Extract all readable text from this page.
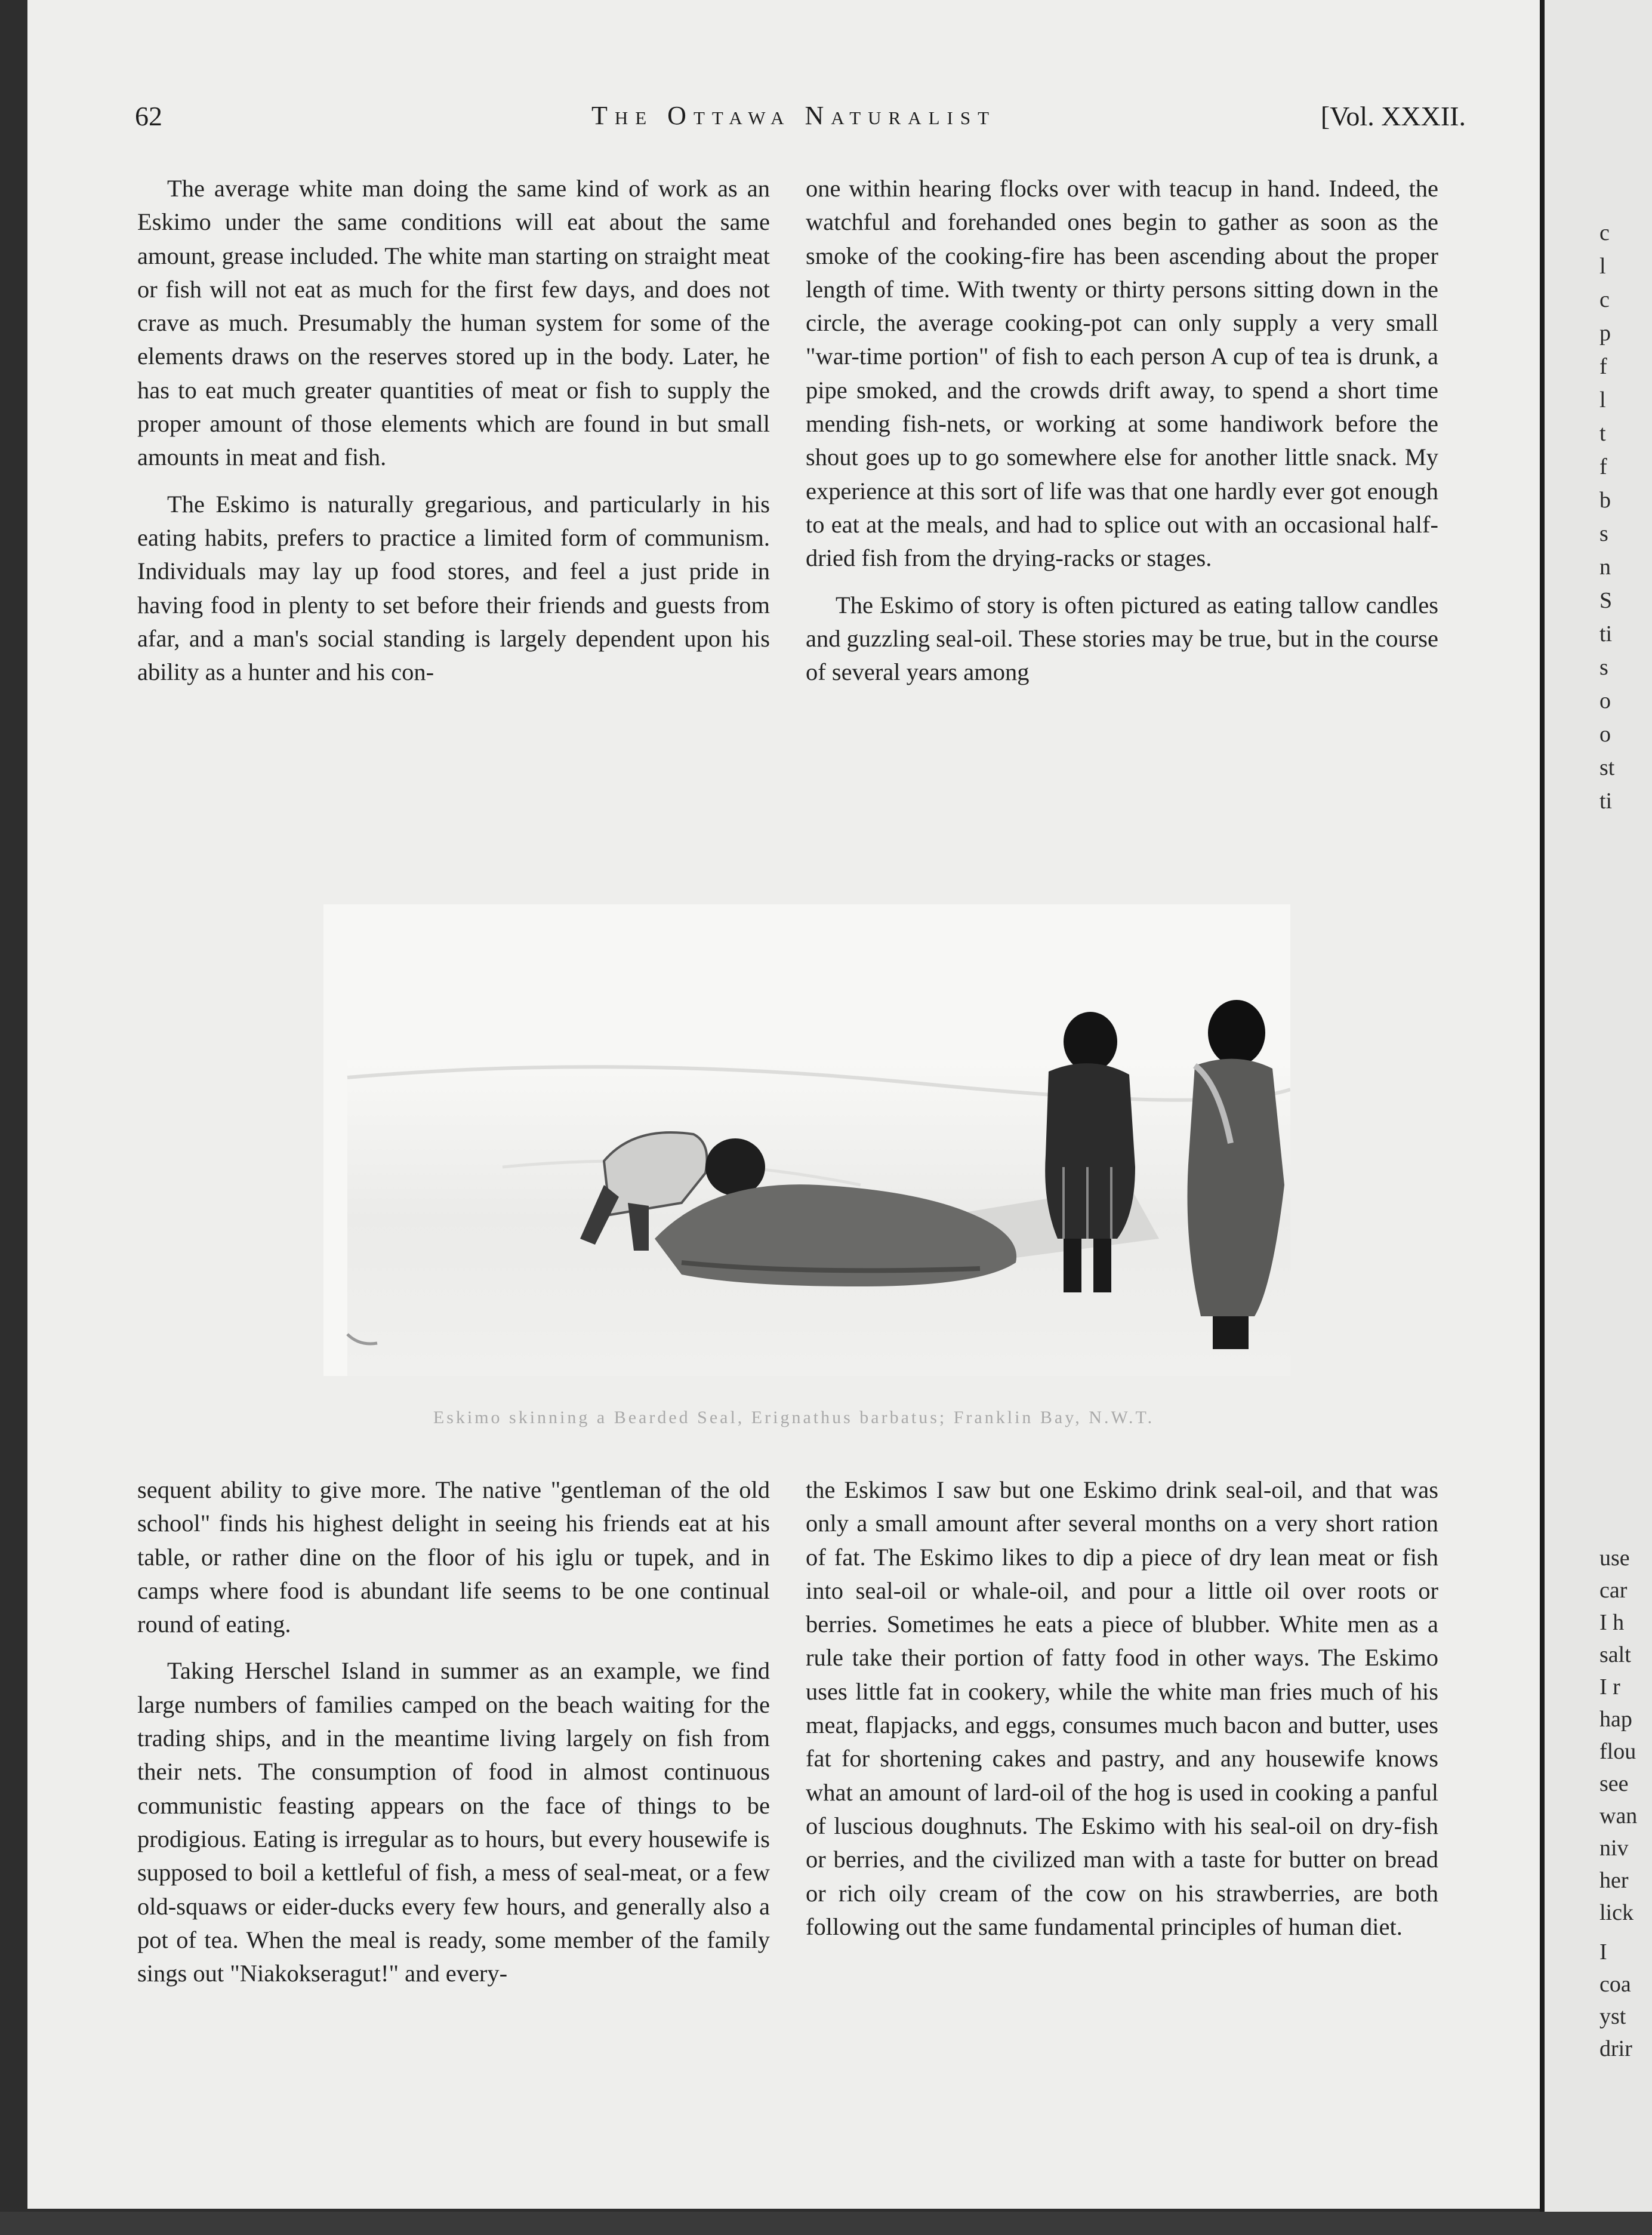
62	The Ottawa Naturalist	[Vol. XXXII.

The average white man doing the same kind of work as an Eskimo under the same conditions will eat about the same amount, grease included. The white man starting on straight meat or fish will not eat as much for the first few days, and does not crave as much. Presumably the human system for some of the elements draws on the reserves stored up in the body. Later, he has to eat much greater quantities of meat or fish to supply the proper amount of those elements which are found in but small amounts in meat and fish.

The Eskimo is naturally gregarious, and particularly in his eating habits, prefers to practice a limited form of communism. Individuals may lay up food stores, and feel a just pride in having food in plenty to set before their friends and guests from afar, and a man's social standing is largely dependent upon his ability as a hunter and his con-

one within hearing flocks over with teacup in hand. Indeed, the watchful and forehanded ones begin to gather as soon as the smoke of the cooking-fire has been ascending about the proper length of time. With twenty or thirty persons sitting down in the circle, the average cooking-pot can only supply a very small "war-time portion" of fish to each person A cup of tea is drunk, a pipe smoked, and the crowds drift away, to spend a short time mending fish-nets, or working at some handiwork before the shout goes up to go somewhere else for another little snack. My experience at this sort of life was that one hardly ever got enough to eat at the meals, and had to splice out with an occasional half-dried fish from the drying-racks or stages.

The Eskimo of story is often pictured as eating tallow candles and guzzling seal-oil. These stories may be true, but in the course of several years among

Eskimo skinning a Bearded Seal, Erignathus barbatus; Franklin Bay, N.W.T.

sequent ability to give more. The native "gentleman of the old school" finds his highest delight in seeing his friends eat at his table, or rather dine on the floor of his iglu or tupek, and in camps where food is abundant life seems to be one continual round of eating.

Taking Herschel Island in summer as an example, we find large numbers of families camped on the beach waiting for the trading ships, and in the meantime living largely on fish from their nets. The consumption of food in almost continuous communistic feasting appears on the face of things to be prodigious. Eating is irregular as to hours, but every housewife is supposed to boil a kettleful of fish, a mess of seal-meat, or a few old-squaws or eider-ducks every few hours, and generally also a pot of tea. When the meal is ready, some member of the family sings out "Niakokseragut!" and every-

the Eskimos I saw but one Eskimo drink seal-oil, and that was only a small amount after several months on a very short ration of fat. The Eskimo likes to dip a piece of dry lean meat or fish into seal-oil or whale-oil, and pour a little oil over roots or berries. Sometimes he eats a piece of blubber. White men as a rule take their portion of fatty food in other ways. The Eskimo uses little fat in cookery, while the white man fries much of his meat, flapjacks, and eggs, consumes much bacon and butter, uses fat for shortening cakes and pastry, and any housewife knows what an amount of lard-oil of the hog is used in cooking a panful of luscious doughnuts. The Eskimo with his seal-oil on dry-fish or berries, and the civilized man with a taste for butter on bread or rich oily cream of the cow on his strawberries, are both following out the same fundamental principles of human diet.

c
l
c
p
f
l
t
f
b
s
n
S
ti
s
o
o
st
ti
use
car
I h
salt
I r
hap
flou
see
wan
niv
her
lick
I
coa
yst
drir
